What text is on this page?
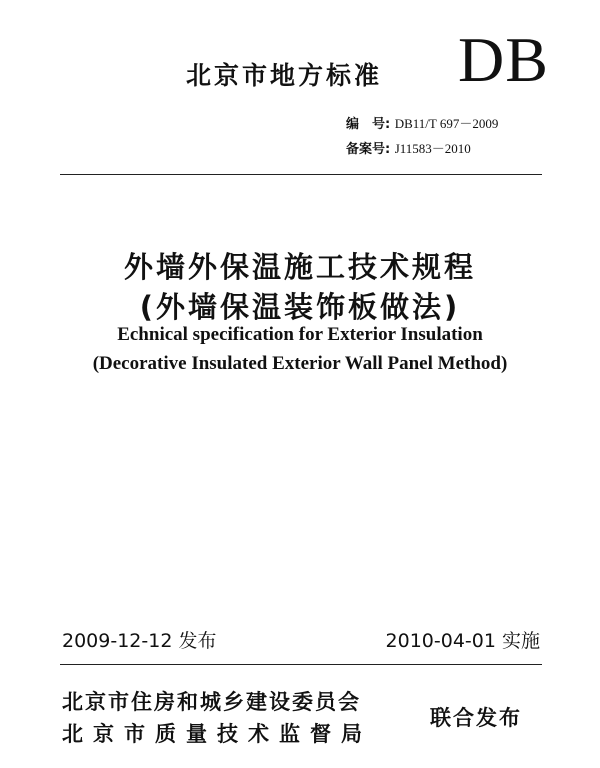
北京市地方标准 DB
编　号: DB11/T 697－2009
备案号: J11583－2010
外墙外保温施工技术规程
(外墙保温装饰板做法)
Echnical specification for Exterior Insulation
(Decorative Insulated Exterior Wall Panel Method)
2009-12-12 发布	2010-04-01 实施
北京市住房和城乡建设委员会
北京市质量技术监督局
联合发布
